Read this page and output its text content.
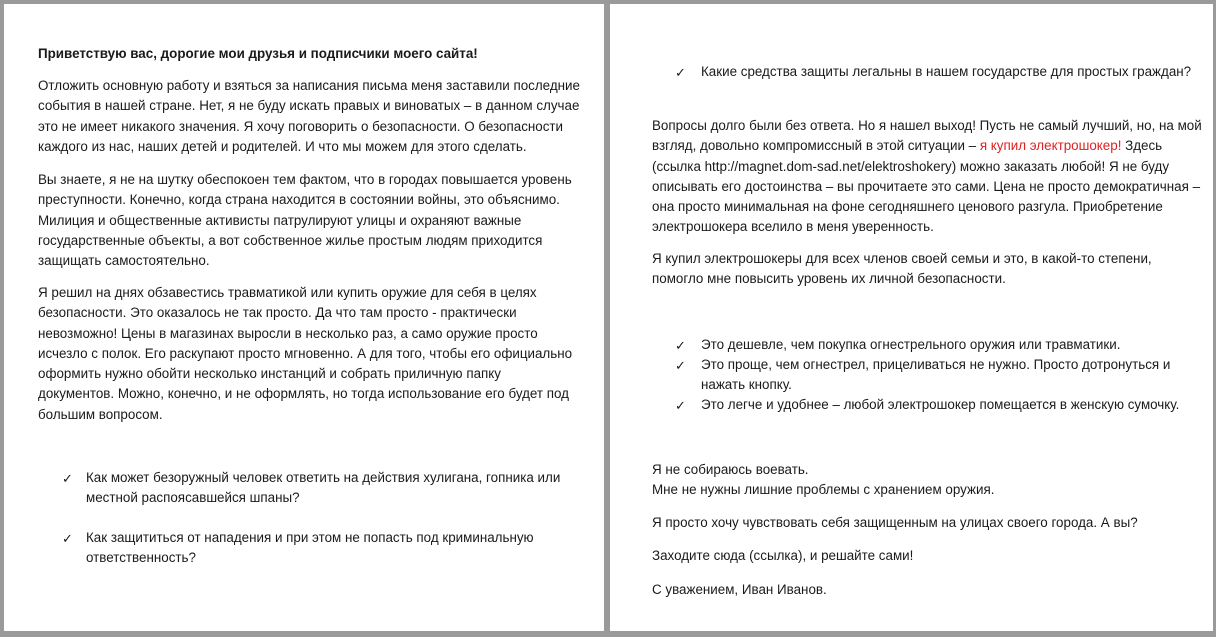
Приветствую вас, дорогие мои друзья и подписчики моего сайта!

Отложить основную работу и взяться за написания письма меня заставили последние
события в нашей стране. Нет, я не буду искать правых и виноватых – в данном случае
это не имеет никакого значения. Я хочу поговорить о безопасности. О безопасности
каждого из нас, наших детей и родителей. И что мы можем для этого сделать.

Вы знаете, я не на шутку обеспокоен тем фактом, что в городах повышается уровень
преступности. Конечно, когда страна находится в состоянии войны, это объяснимо.
Милиция и общественные активисты патрулируют улицы и охраняют важные
государственные объекты, а вот собственное жилье простым людям приходится
защищать самостоятельно.

Я решил на днях обзавестись травматикой или купить оружие для себя в целях
безопасности. Это оказалось не так просто. Да что там просто - практически
невозможно! Цены в магазинах выросли в несколько раз, а само оружие просто
исчезло с полок. Его раскупают просто мгновенно. А для того, чтобы его официально
оформить нужно обойти несколько инстанций и собрать приличную папку
документов. Можно, конечно, и не оформлять, но тогда использование его будет под
большим вопросом.

✓ Как может безоружный человек ответить на действия хулигана, гопника или
местной распоясавшейся шпаны?

✓ Как защититься от нападения и при этом не попасть под криминальную
ответственность?

✓ Какие средства защиты легальны в нашем государстве для простых граждан?

Вопросы долго были без ответа. Но я нашел выход! Пусть не самый лучший, но, на мой
взгляд, довольно компромиссный в этой ситуации – я купил электрошокер! Здесь
(ссылка http://magnet.dom-sad.net/elektroshokery) можно заказать любой! Я не буду
описывать его достоинства – вы прочитаете это сами. Цена не просто демократичная –
она просто минимальная на фоне сегодняшнего ценового разгула. Приобретение
электрошокера вселило в меня уверенность.

Я купил электрошокеры для всех членов своей семьи и это, в какой-то степени,
помогло мне повысить уровень их личной безопасности.

✓ Это дешевле, чем покупка огнестрельного оружия или травматики.

✓ Это проще, чем огнестрел, прицеливаться не нужно. Просто дотронуться и
нажать кнопку.

✓ Это легче и удобнее – любой электрошокер помещается в женскую сумочку.

Я не собираюсь воевать.
Мне не нужны лишние проблемы с хранением оружия.

Я просто хочу чувствовать себя защищенным на улицах своего города. А вы?

Заходите сюда (ссылка), и решайте сами!

С уважением, Иван Иванов.
